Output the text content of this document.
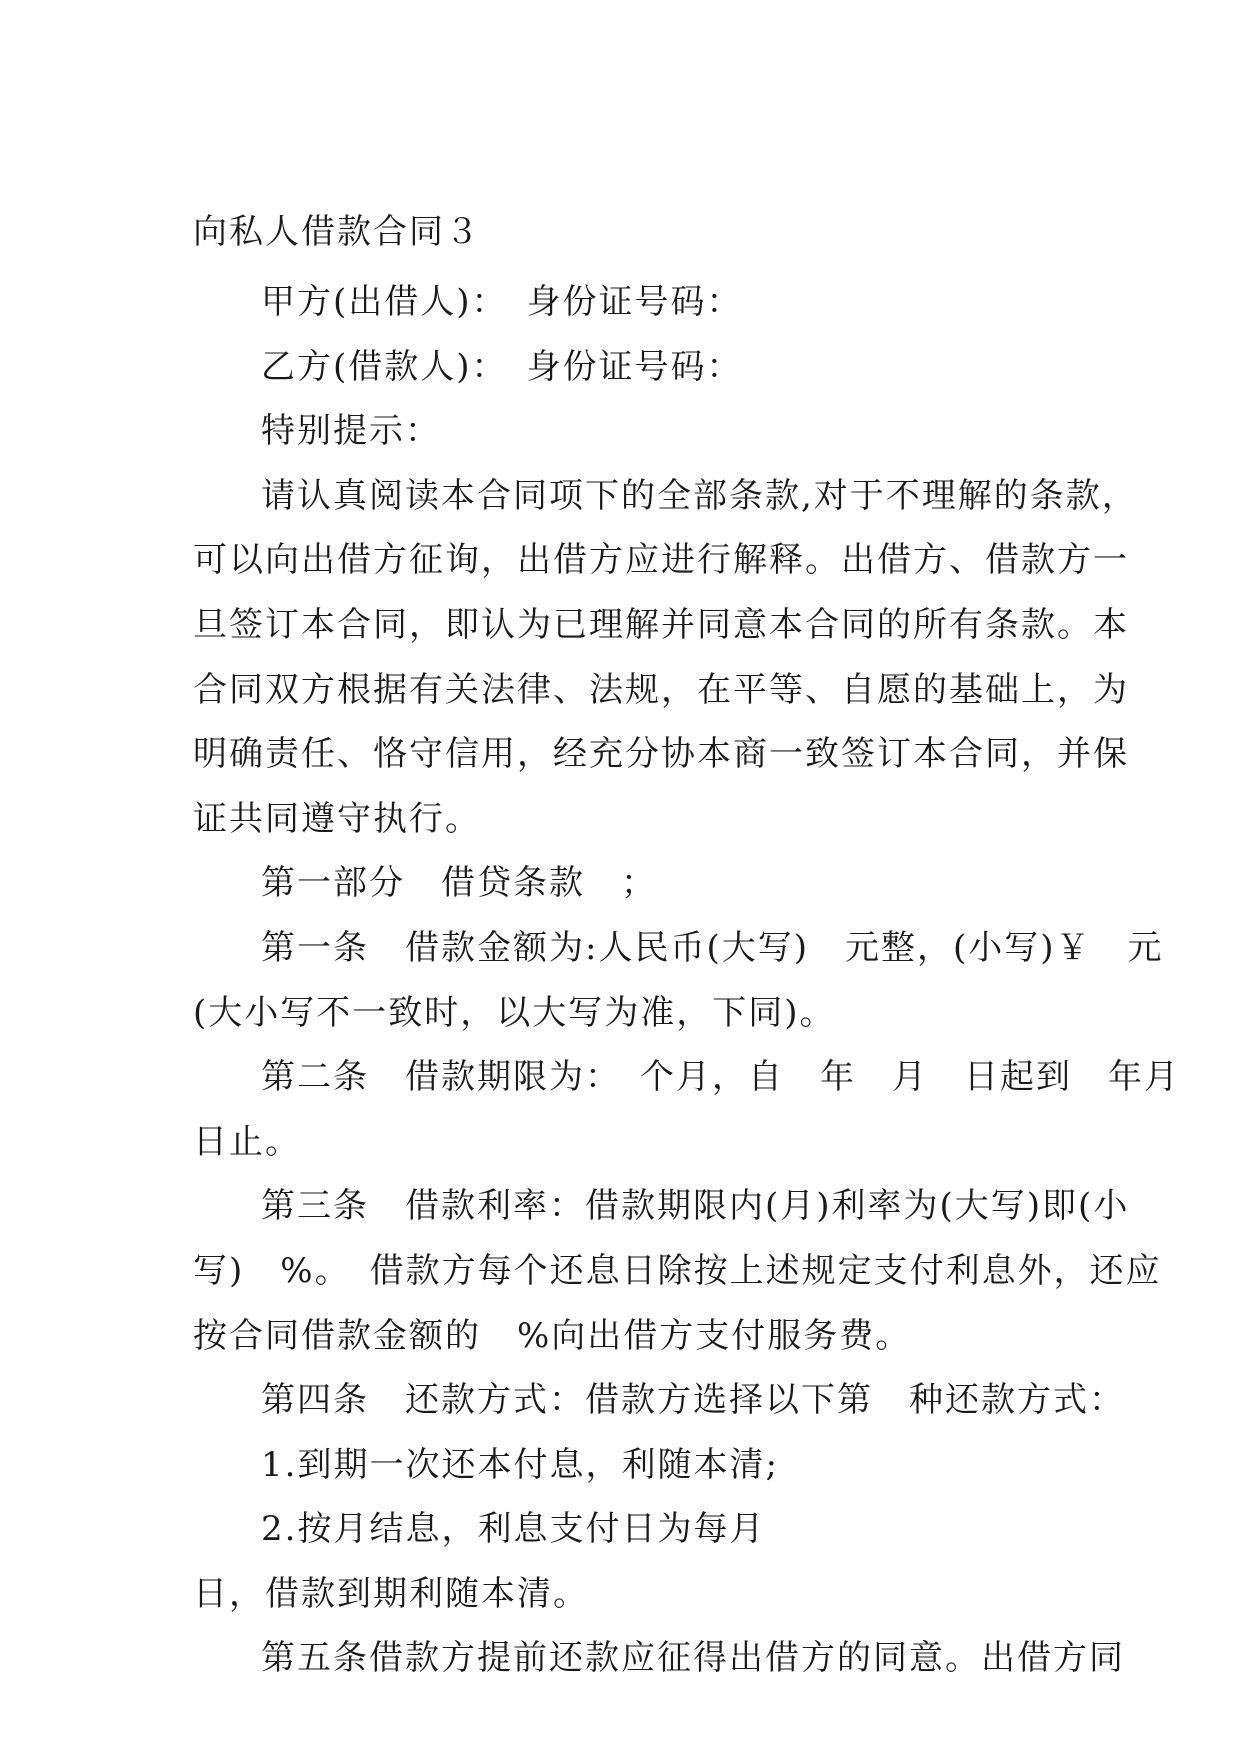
向私人借款合同３
甲方(出借人)：　身份证号码：
乙方(借款人)：　身份证号码：
特别提示：
请认真阅读本合同项下的全部条款,对于不理解的条款，
可以向出借方征询，出借方应进行解释。出借方、借款方一
旦签订本合同，即认为已理解并同意本合同的所有条款。本
合同双方根据有关法律、法规，在平等、自愿的基础上，为
明确责任、恪守信用，经充分协本商一致签订本合同，并保
证共同遵守执行。
第一部分　借贷条款　；
第一条　借款金额为:人民币(大写)　元整，(小写)￥　元
(大小写不一致时，以大写为准，下同)。
第二条　借款期限为：　个月，自　年　月　日起到　年月
日止。
第三条　借款利率：借款期限内(月)利率为(大写)即(小
写)　%。　借款方每个还息日除按上述规定支付利息外，还应
按合同借款金额的　%向出借方支付服务费。
第四条　还款方式：借款方选择以下第　种还款方式：
1.到期一次还本付息，利随本清;
2.按月结息，利息支付日为每月
日，借款到期利随本清。
第五条借款方提前还款应征得出借方的同意。出借方同
